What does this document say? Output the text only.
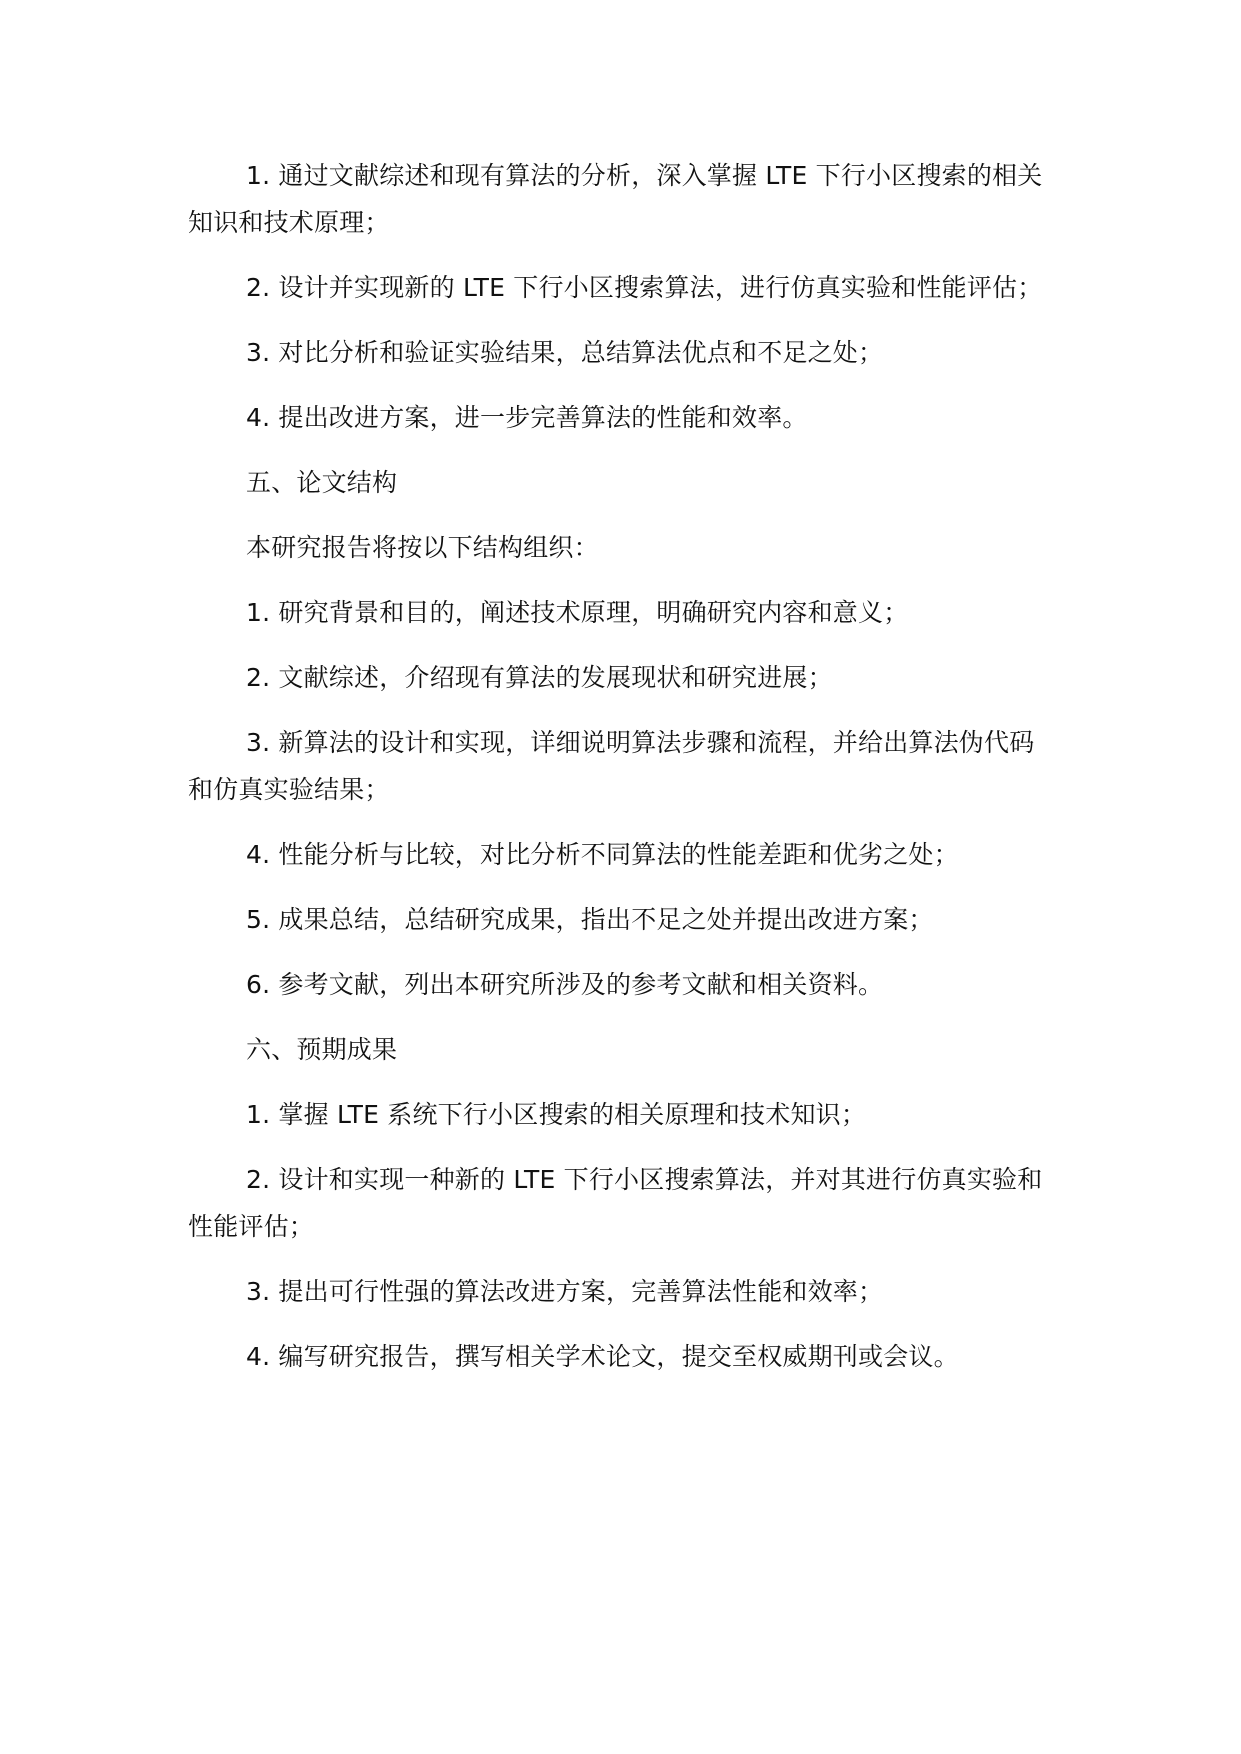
1. 通过文献综述和现有算法的分析，深入掌握 LTE 下行小区搜索的相关知识和技术原理；

2. 设计并实现新的 LTE 下行小区搜索算法，进行仿真实验和性能评估；

3. 对比分析和验证实验结果，总结算法优点和不足之处；

4. 提出改进方案，进一步完善算法的性能和效率。

五、论文结构

本研究报告将按以下结构组织：

1. 研究背景和目的，阐述技术原理，明确研究内容和意义；

2. 文献综述，介绍现有算法的发展现状和研究进展；

3. 新算法的设计和实现，详细说明算法步骤和流程，并给出算法伪代码和仿真实验结果；

4. 性能分析与比较，对比分析不同算法的性能差距和优劣之处；

5. 成果总结，总结研究成果，指出不足之处并提出改进方案；

6. 参考文献，列出本研究所涉及的参考文献和相关资料。

六、预期成果

1. 掌握 LTE 系统下行小区搜索的相关原理和技术知识；

2. 设计和实现一种新的 LTE 下行小区搜索算法，并对其进行仿真实验和性能评估；

3. 提出可行性强的算法改进方案，完善算法性能和效率；

4. 编写研究报告，撰写相关学术论文，提交至权威期刊或会议。
